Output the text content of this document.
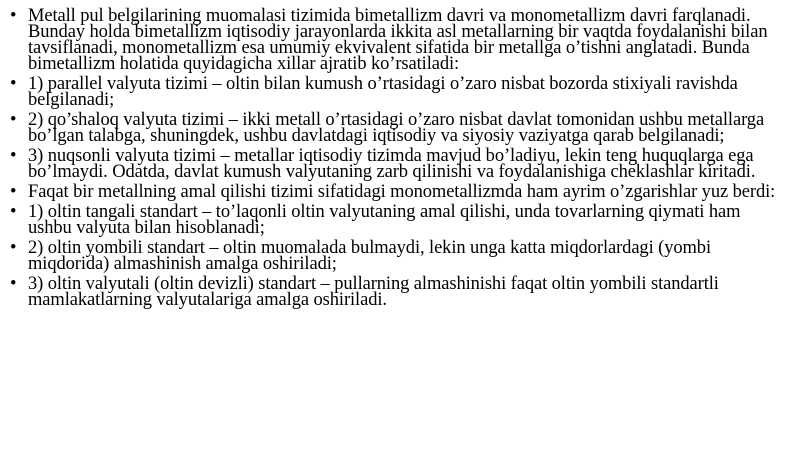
• Metall pul belgilarining muomalasi tizimida bimetallizm davri va monometallizm davri farqlanadi. Bunday holda bimetallizm iqtisodiy jarayonlarda ikkita asl metallarning bir vaqtda foydalanishi bilan tavsiflanadi, monometallizm esa umumiy ekvivalent sifatida bir metallga o’tishni anglatadi. Bunda bimetallizm holatida quyidagicha xillar ajratib ko’rsatiladi:
• 1) parallel valyuta tizimi – oltin bilan kumush o’rtasidagi o’zaro nisbat bozorda stixiyali ravishda belgilanadi;
• 2) qo’shaloq valyuta tizimi – ikki metall o’rtasidagi o’zaro nisbat davlat tomonidan ushbu metallarga bo’lgan talabga, shuningdek, ushbu davlatdagi iqtisodiy va siyosiy vaziyatga qarab belgilanadi;
• 3) nuqsonli valyuta tizimi – metallar iqtisodiy tizimda mavjud bo’ladiyu, lekin teng huquqlarga ega bo’lmaydi. Odatda, davlat kumush valyutaning zarb qilinishi va foydalanishiga cheklashlar kiritadi.
• Faqat bir metallning amal qilishi tizimi sifatidagi monometallizmda ham ayrim o’zgarishlar yuz berdi:
• 1) oltin tangali standart – to’laqonli oltin valyutaning amal qilishi, unda tovarlarning qiymati ham ushbu valyuta bilan hisoblanadi;
• 2) oltin yombili standart – oltin muomalada bulmaydi, lekin unga katta miqdorlardagi (yombi miqdorida) almashinish amalga oshiriladi;
• 3) oltin valyutali (oltin devizli) standart – pullarning almashinishi faqat oltin yombili standartli mamlakatlarning valyutalariga amalga oshiriladi.
